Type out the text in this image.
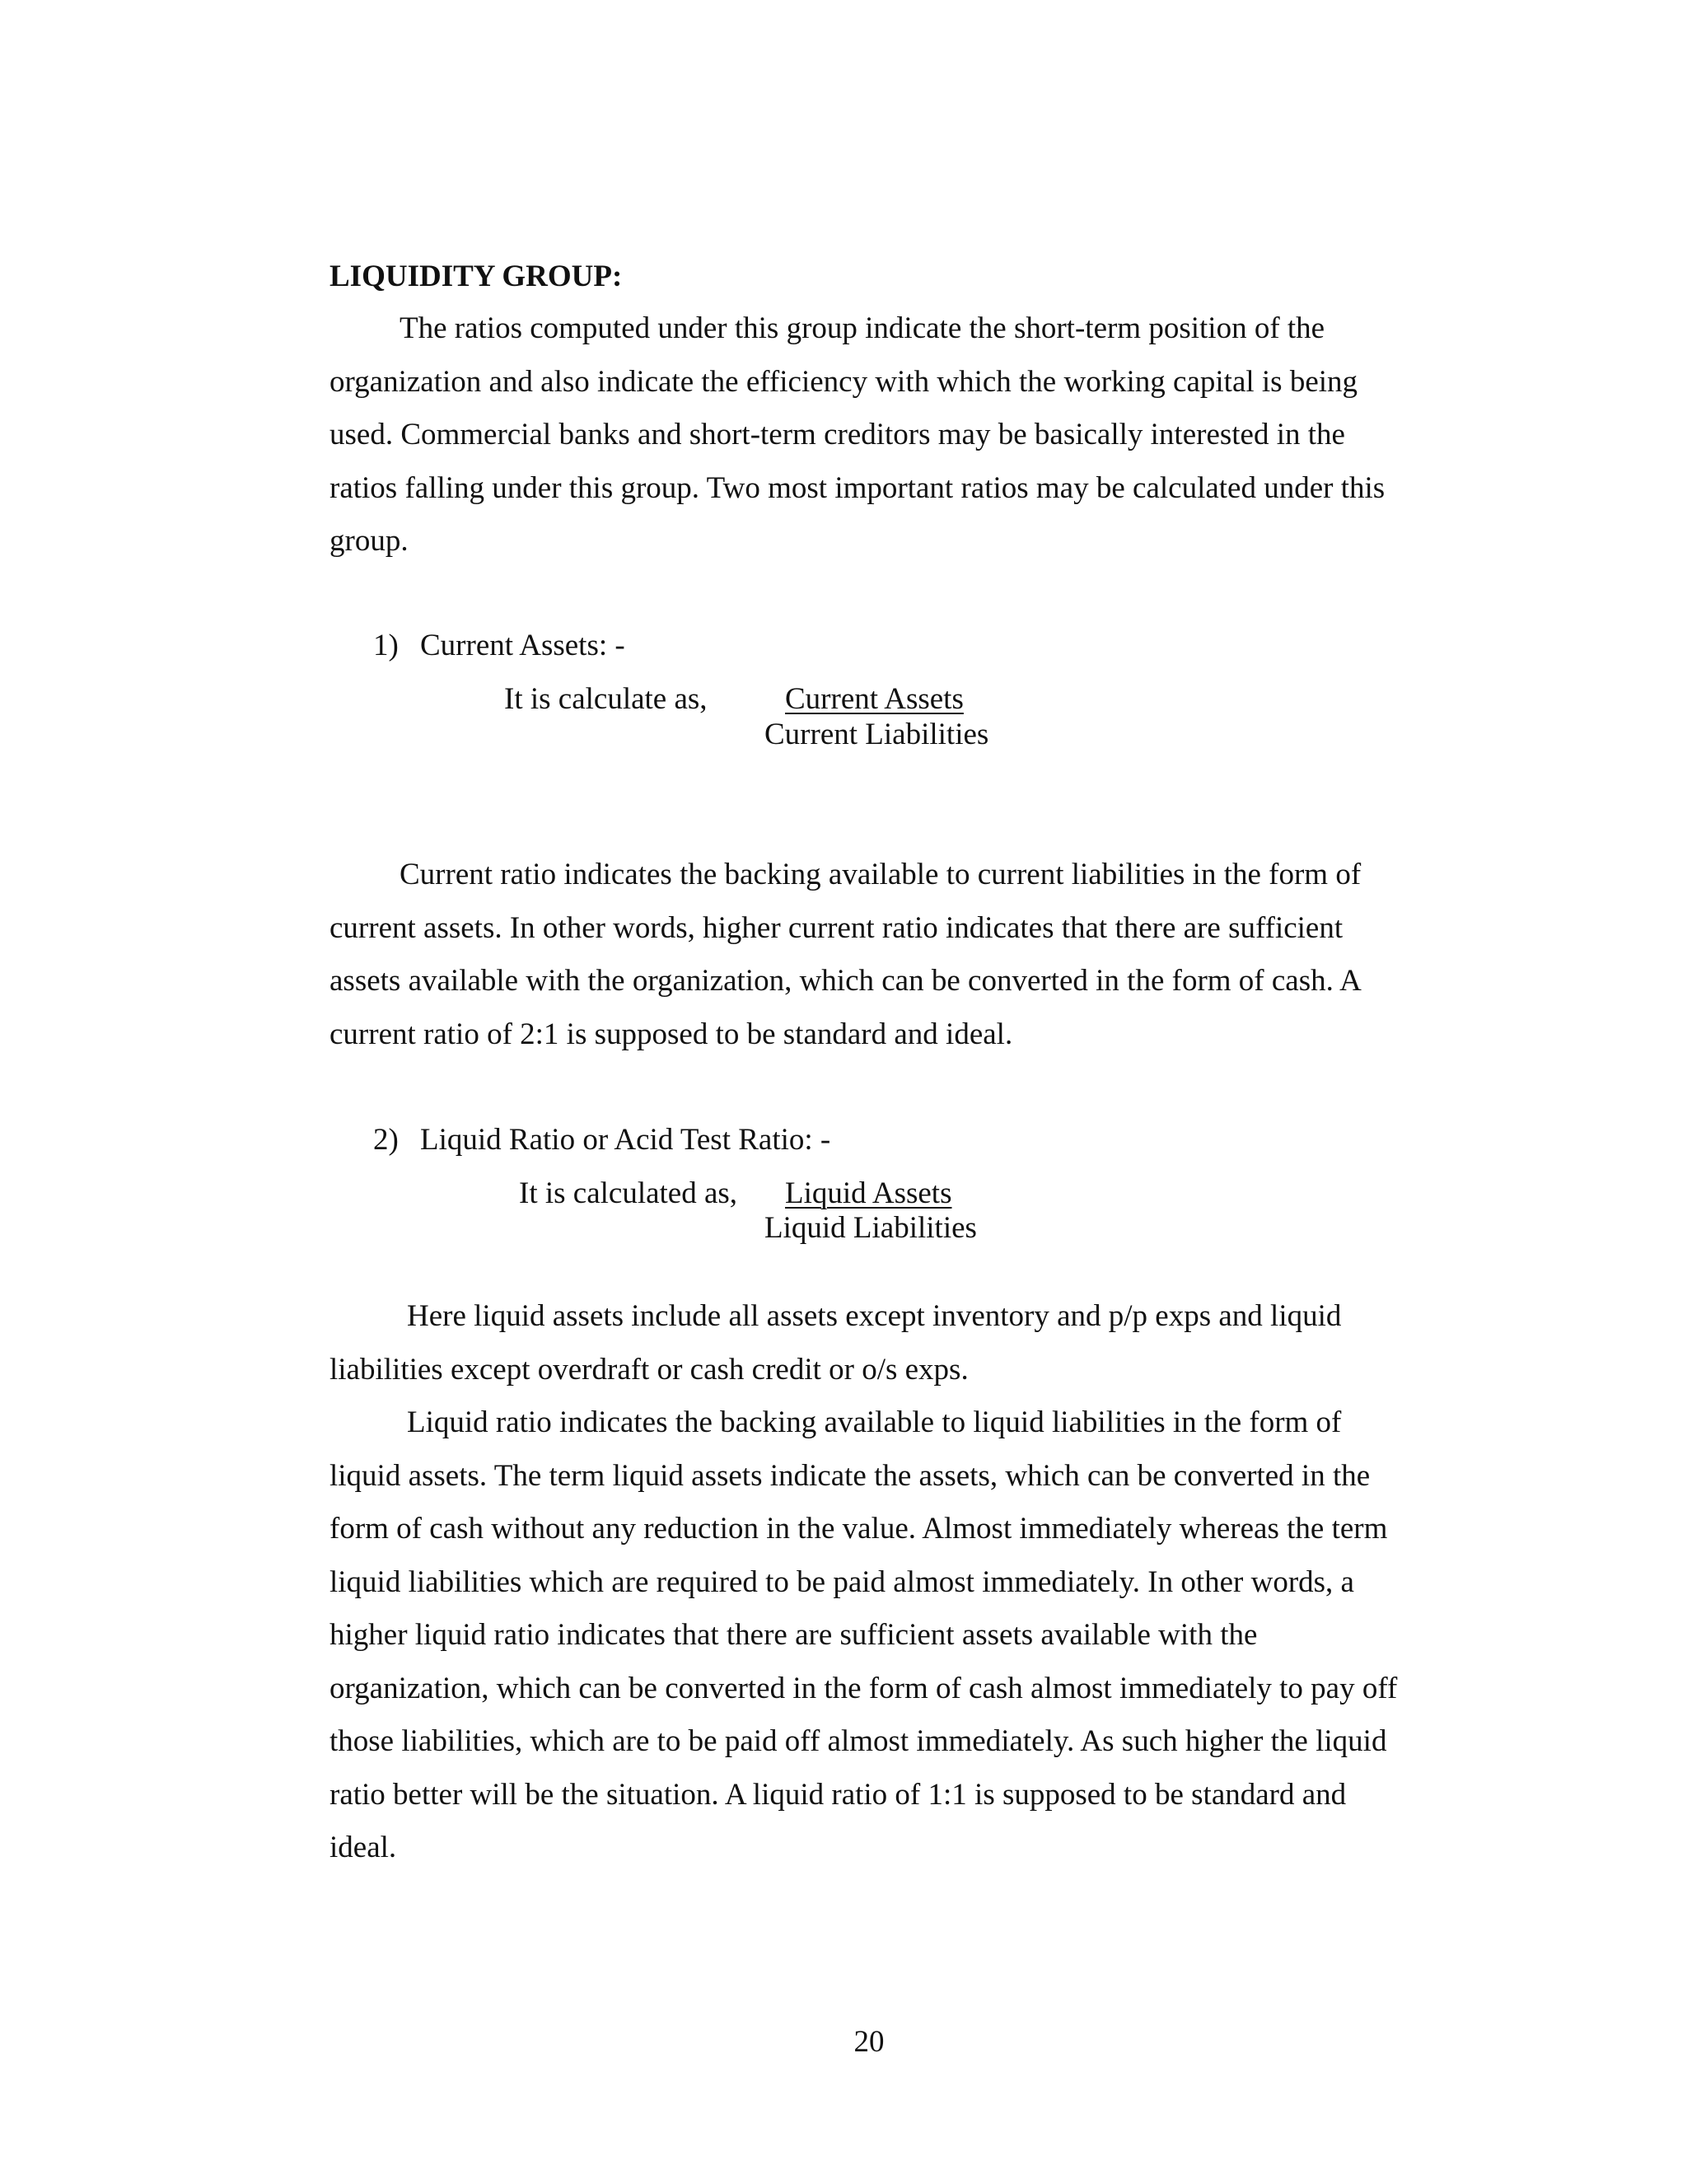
LIQUIDITY GROUP:
The ratios computed under this group indicate the short-term position of the
organization and also indicate the efficiency with which the working capital is being
used. Commercial banks and short-term creditors may be basically interested in the
ratios falling under this group. Two most important ratios may be calculated under this
group.
1) Current Assets: -
It is calculate as,	Current Assets
Current Liabilities
Current ratio indicates the backing available to current liabilities in the form of
current assets. In other words, higher current ratio indicates that there are sufficient
assets available with the organization, which can be converted in the form of cash. A
current ratio of 2:1 is supposed to be standard and ideal.
2) Liquid Ratio or Acid Test Ratio: -
It is calculated as, Liquid Assets
Liquid Liabilities
Here liquid assets include all assets except inventory and p/p exps and liquid
liabilities except overdraft or cash credit or o/s exps.
Liquid ratio indicates the backing available to liquid liabilities in the form of
liquid assets. The term liquid assets indicate the assets, which can be converted in the
form of cash without any reduction in the value. Almost immediately whereas the term
liquid liabilities which are required to be paid almost immediately. In other words, a
higher liquid ratio indicates that there are sufficient assets available with the
organization, which can be converted in the form of cash almost immediately to pay off
those liabilities, which are to be paid off almost immediately. As such higher the liquid
ratio better will be the situation. A liquid ratio of 1:1 is supposed to be standard and
ideal.
20
